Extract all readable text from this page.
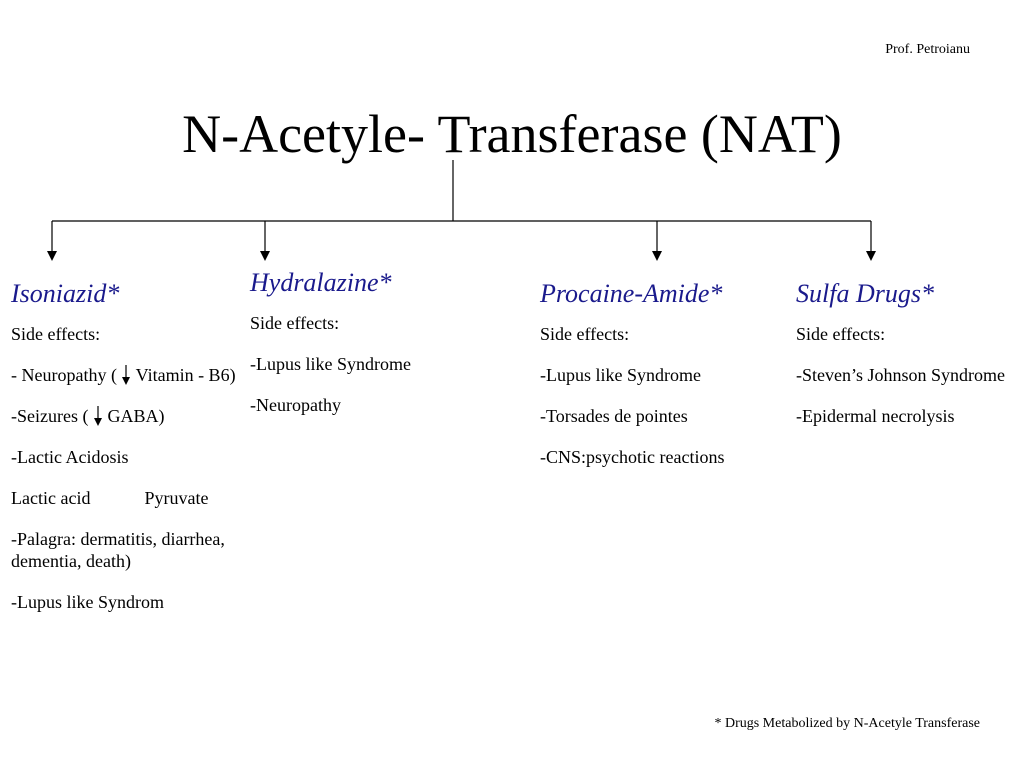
Prof. Petroianu
N-Acetyle- Transferase (NAT)
Isoniazid*

Side effects:

- Neuropathy ( Vitamin - B6)

-Seizures ( GABA)

-Lactic Acidosis

Lactic acid	Pyruvate

-Palagra: dermatitis, diarrhea, dementia, death)

-Lupus like Syndrom

Hydralazine*

Side effects:

-Lupus like Syndrome

-Neuropathy

Procaine-Amide*

Side effects:

-Lupus like Syndrome

-Torsades de pointes

-CNS:psychotic reactions

Sulfa Drugs*

Side effects:

-Steven’s Johnson Syndrome

-Epidermal necrolysis

* Drugs Metabolized by N-Acetyle Transferase
